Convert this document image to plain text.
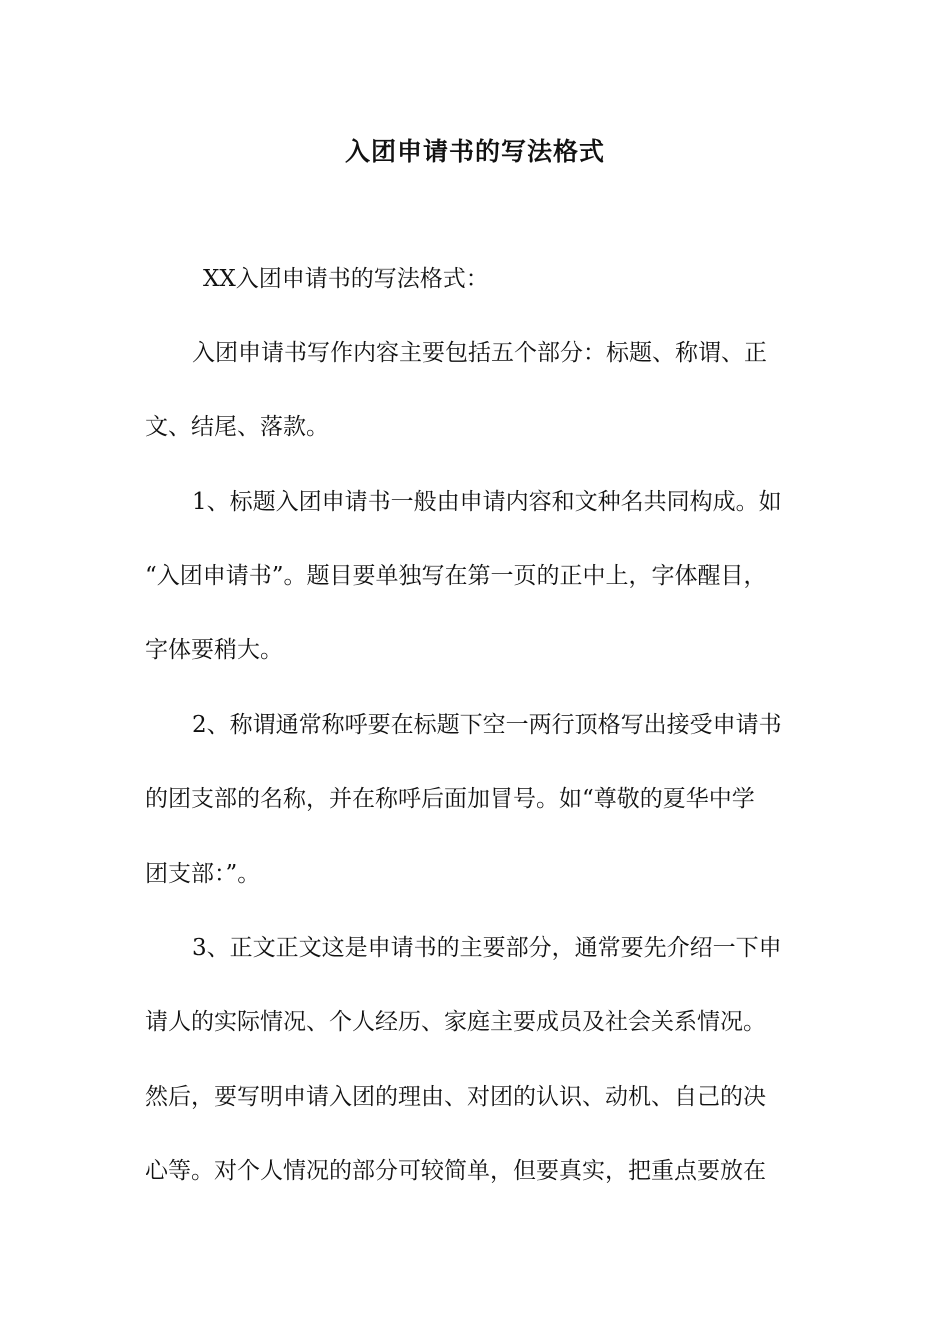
入团申请书的写法格式

XX入团申请书的写法格式：

入团申请书写作内容主要包括五个部分：标题、称谓、正

文、结尾、落款。

1、标题入团申请书一般由申请内容和文种名共同构成。如

“入团申请书”。题目要单独写在第一页的正中上，字体醒目，

字体要稍大。

2、称谓通常称呼要在标题下空一两行顶格写出接受申请书

的团支部的名称，并在称呼后面加冒号。如“尊敬的夏华中学

团支部：”。

3、正文正文这是申请书的主要部分，通常要先介绍一下申

请人的实际情况、个人经历、家庭主要成员及社会关系情况。

然后，要写明申请入团的理由、对团的认识、动机、自己的决

心等。对个人情况的部分可较简单，但要真实，把重点要放在
